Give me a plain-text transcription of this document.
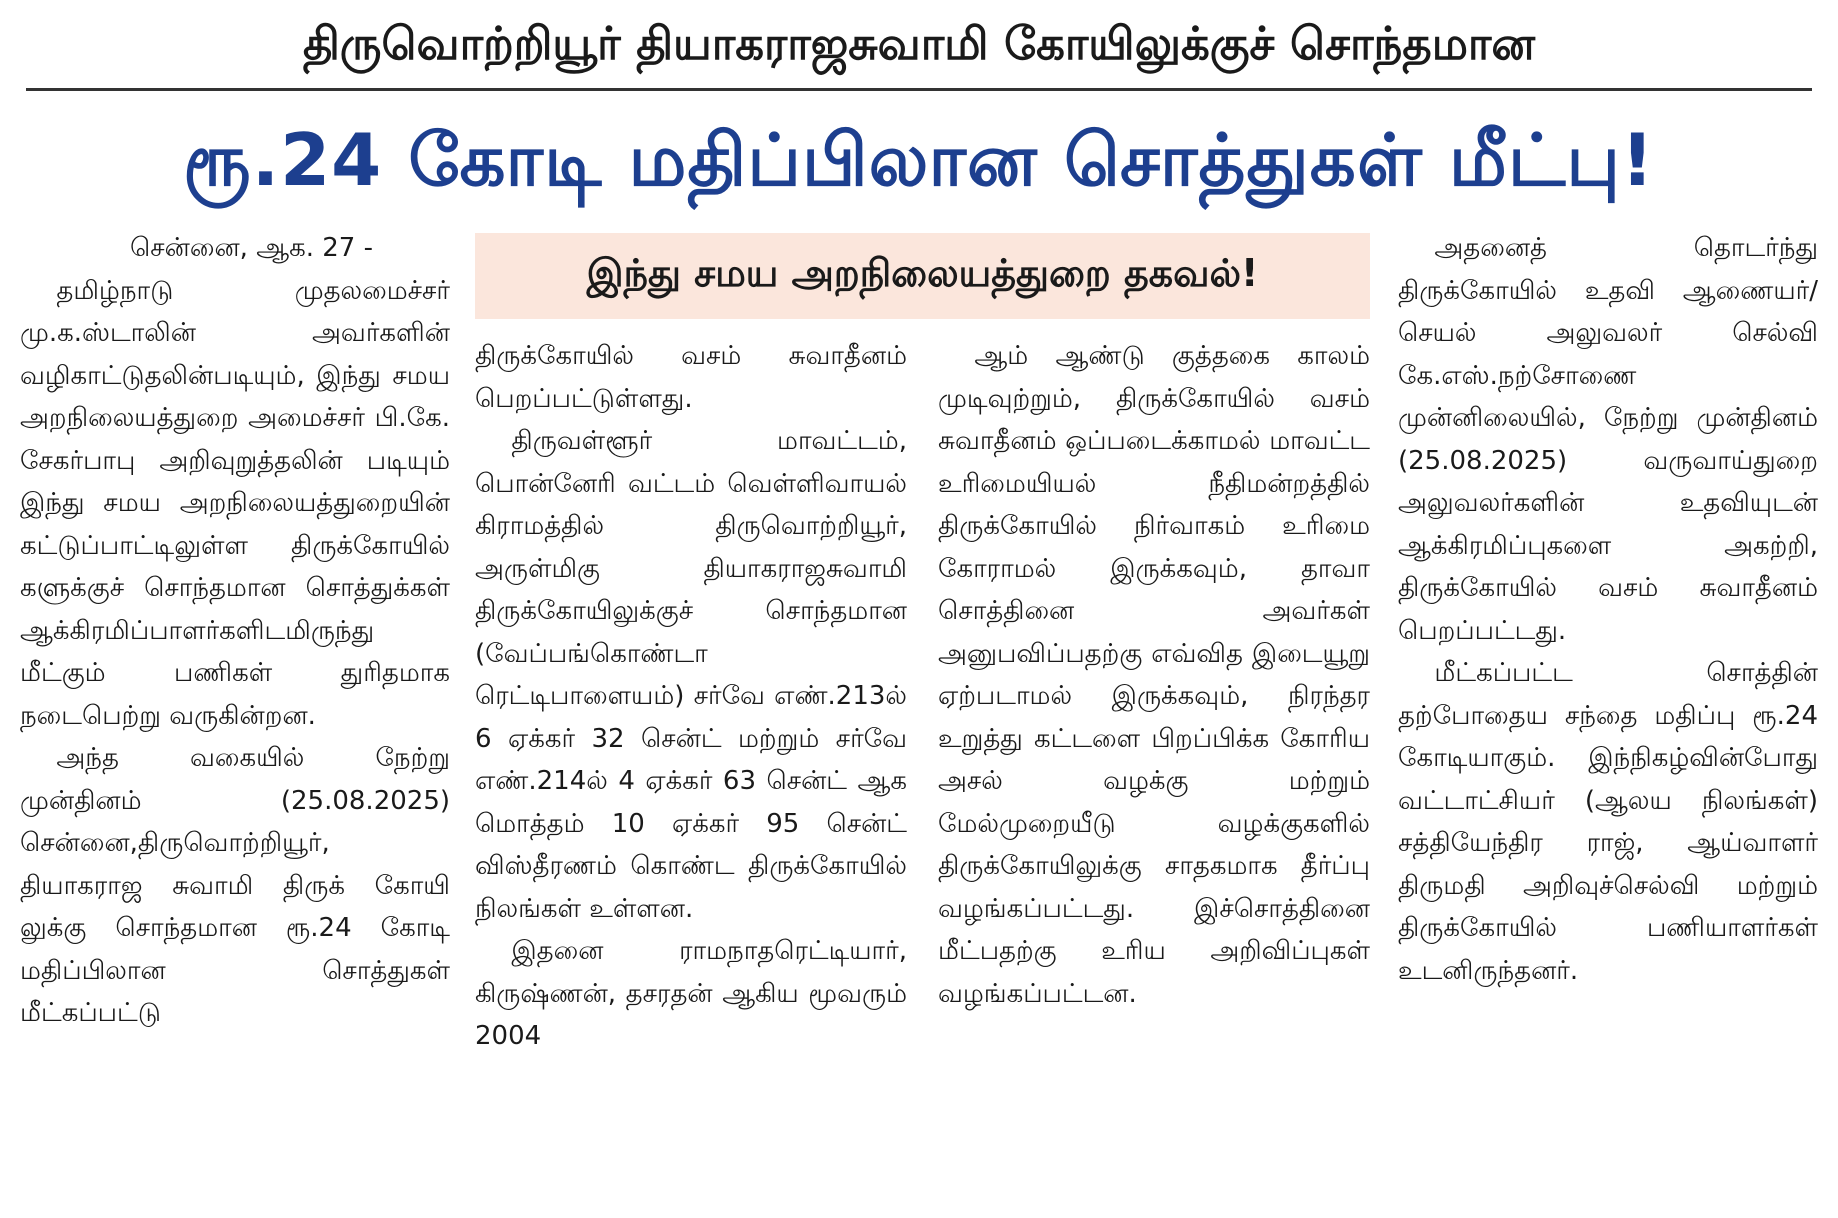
திருவொற்றியூர் தியாகராஜசுவாமி கோயிலுக்குச் சொந்தமான
ரூ.24 கோடி மதிப்பிலான சொத்துகள் மீட்பு!

சென்னை, ஆக. 27 -

தமிழ்நாடு முதலமைச்சர் மு.க.ஸ்டாலின் அவர்களின் வழிகாட்டுதலின்படியும், இந்து சமய அறநிலையத்துறை அமைச்சர் பி.கே. சேகர்பாபு அறிவுறுத்தலின் படியும் இந்து சமய அறநிலையத்துறையின் கட்டுப்பாட்டிலுள்ள திருக்கோயில் களுக்குச் சொந்தமான சொத்துக்கள் ஆக்கிரமிப்பாளர்களிடமிருந்து மீட்கும் பணிகள் துரிதமாக நடைபெற்று வருகின்றன.

அந்த வகையில் நேற்று முன்தினம் (25.08.2025) சென்னை,திருவொற்றியூர், தியாகராஜ சுவாமி திருக் கோயி லுக்கு சொந்தமான ரூ.24 கோடி மதிப்பிலான சொத்துகள் மீட்கப்பட்டு

இந்து சமய அறநிலையத்துறை தகவல்!

திருக்கோயில் வசம் சுவாதீனம் பெறப்பட்டுள்ளது.

திருவள்ளூர் மாவட்டம், பொன்னேரி வட்டம் வெள்ளிவாயல் கிராமத்தில் திருவொற்றியூர், அருள்மிகு தியாகராஜசுவாமி திருக்கோயிலுக்குச் சொந்தமான (வேப்பங்கொண்டா ரெட்டிபாளையம்) சர்வே எண்.213ல் 6 ஏக்கர் 32 சென்ட் மற்றும் சர்வே எண்.214ல் 4 ஏக்கர் 63 சென்ட் ஆக மொத்தம் 10 ஏக்கர் 95 சென்ட் விஸ்தீரணம் கொண்ட திருக்கோயில் நிலங்கள் உள்ளன.

இதனை ராமநாதரெட்டியார், கிருஷ்ணன், தசரதன் ஆகிய மூவரும் 2004

ஆம் ஆண்டு குத்தகை காலம் முடிவுற்றும், திருக்கோயில் வசம் சுவாதீனம் ஒப்படைக்காமல் மாவட்ட உரிமையியல் நீதிமன்றத்தில் திருக்கோயில் நிர்வாகம் உரிமை கோராமல் இருக்கவும், தாவா சொத்தினை அவர்கள் அனுபவிப்பதற்கு எவ்வித இடையூறு ஏற்படாமல் இருக்கவும், நிரந்தர உறுத்து கட்டளை பிறப்பிக்க கோரிய அசல் வழக்கு மற்றும் மேல்முறையீடு வழக்குகளில் திருக்கோயிலுக்கு சாதகமாக தீர்ப்பு வழங்கப்பட்டது. இச்சொத்தினை மீட்பதற்கு உரிய அறிவிப்புகள் வழங்கப்பட்டன.

அதனைத் தொடர்ந்து திருக்கோயில் உதவி ஆணையர்/செயல் அலுவலர் செல்வி கே.எஸ்.நற்சோணை முன்னிலையில், நேற்று முன்தினம் (25.08.2025) வருவாய்துறை அலுவலர்களின் உதவியுடன் ஆக்கிரமிப்புகளை அகற்றி, திருக்கோயில் வசம் சுவாதீனம் பெறப்பட்டது.

மீட்கப்பட்ட சொத்தின் தற்போதைய சந்தை மதிப்பு ரூ.24 கோடியாகும். இந்நிகழ்வின்போது வட்டாட்சியர் (ஆலய நிலங்கள்) சத்தியேந்திர ராஜ், ஆய்வாளர் திருமதி அறிவுச்செல்வி மற்றும் திருக்கோயில் பணியாளர்கள் உடனிருந்தனர்.
